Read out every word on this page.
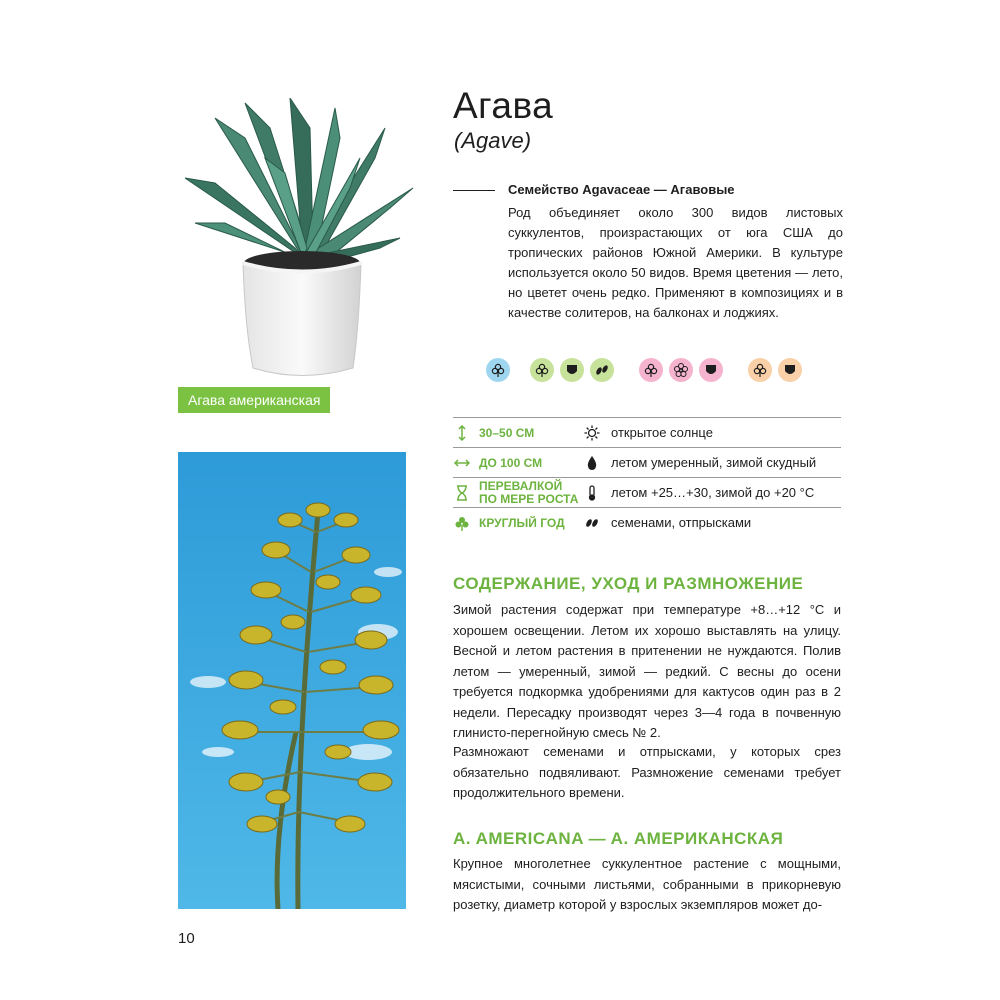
Агава американская
Агава
(Agave)
Семейство Agavaceae — Агавовые

Род объединяет около 300 видов листовых суккулентов, произрастающих от юга США до тропических районов Южной Америки. В культуре используется около 50 видов. Время цветения — лето, но цветет очень редко. Применяют в композициях и в качестве солитеров, на балконах и лоджиях.

30–50 СМ	открытое солнце
ДО 100 СМ	летом умеренный, зимой скудный
ПЕРЕВАЛКОЙ ПО МЕРЕ РОСТА	летом +25…+30, зимой до +20 °C
КРУГЛЫЙ ГОД	семенами, отпрысками
СОДЕРЖАНИЕ, УХОД И РАЗМНОЖЕНИЕ

Зимой растения содержат при температуре +8…+12 °C и хорошем освещении. Летом их хорошо выставлять на улицу. Весной и летом растения в притенении не нуждаются. Полив летом — умеренный, зимой — редкий. С весны до осени требуется подкормка удобрениями для кактусов один раз в 2 недели. Пересадку производят через 3—4 года в почвенную глинисто-перегнойную смесь № 2.

Размножают семенами и отпрысками, у которых срез обязательно подвяливают. Размножение семенами требует продолжительного времени.

A. AMERICANA — A. АМЕРИКАНСКАЯ

Крупное многолетнее суккулентное растение с мощными, мясистыми, сочными листьями, собранными в прикорневую розетку, диаметр которой у взрослых экземпляров может до-

10
